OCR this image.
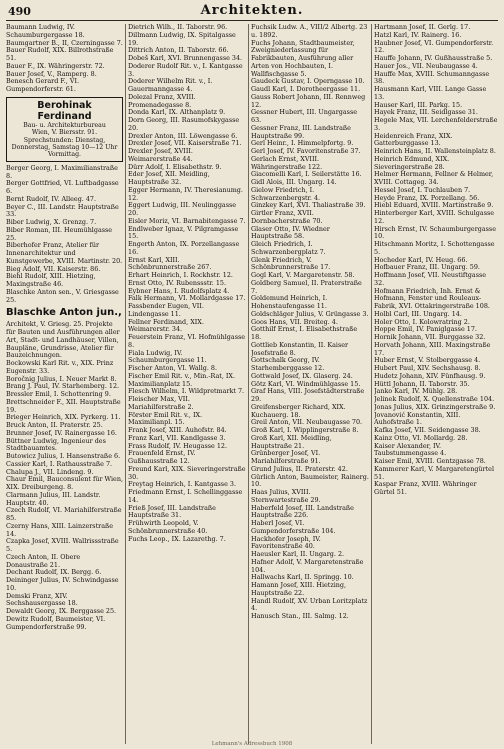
490	Architekten.

Baumann Ludwig, IV. Schaumburgergasse 18.

Baumgartner B., II, Czerningasse 7.

Bauer Rudolf, XIX. Billrothstraße 51.

Bauer F., IX. Währingerstr. 72.

Bauer Josef, V., Ramperg. 8.

Benesch Gerard F., VI. Gumpendorferstr. 61.

Berohinak Ferdinand
Bau- u. Architekturbureau
Wien, V. Biersstr. 91.
Sprechstunden: Dienstag, Donnerstag, Samstag 10—12 Uhr Vormittag.

Berger Georg, I. Maximilianstraße 8.

Berger Gottfried, VI. Luftbadgasse 6.

Bernt Rudolf, IV. Alleeg. 47.

Beyer C., III. Landstr. Hauptstraße 33.

Biber Ludwig, X. Grenzg. 7.

Biber Roman, III. Heumühlgasse 25.

Biberhofer Franz, Atelier für Innenarchitektur und Kunstgewerbe, XVIII. Martinstr. 20.

Bieg Adolf, VII. Kaiserstr. 86.

Biehl Rudolf, XIII. Hietzing, Maxingstraße 46.

Blaschke Anton sen., V. Griesgasse 25.

Blaschke Anton jun.,

Architekt, V. Griesg. 25. Projekte für Bauten und Ausführungen aller Art, Stadt- und Landhäuser, Villen, Baupläne, Grundrisse, Atelier für Bauzeichnungen.

Bockowski Karl Rit. v., XIX. Prinz Eugenstr. 33.

Boročnig Julius, I. Neuer Markt 8.

Brang J. Paul, IV. Starhemberg. 12.

Bressler Emil, I. Schottenring 9.

Brettschneider F., XII. Hauptstraße 19.

Brieger Heinrich, XIX. Pyrkerg. 11.

Bruck Anton, II. Praterstr. 25.

Brunner Josef, IV. Rainergasse 16.

Büttner Ludwig, Ingenieur des Stadtbauamtes.

Butowicz Julius, I. Hansenstraße 6.

Cassier Karl, I. Rathausstraße 7.

Chalupa J., VII. Lindeng. 9.

Chaur Emil, Bauconsulent für Wien, XIX. Dreiburgeng. 8.

Clarmann Julius, III. Landstr. Hauptstr. 40.

Czech Rudolf, VI. Mariahilferstraße 85.

Czerny Hans, XIII. Lainzerstraße 14.

Czapka Josef, XVIII. Wallrissstraße 5.

Czech Anton, II. Obere Donaustraße 21.

Dechant Rudolf, IX. Bergg. 6.

Deininger Julius, IV. Schwindgasse 10.

Demski Franz, XIV. Sechshausergasse 18.

Dewaldt Georg, IX. Berggasse 25.

Dewitz Rudolf, Baumeister, VI. Gumpendorferstraße 99.

Dietrich Wilh., II. Taborstr. 96.

Dillmann Ludwig, IX. Spitalgasse 19.

Dittrich Anton, II. Taborstr. 66.

Dobeš Karl, XVI. Brunnengasse 34.

Doderer Rudolf Rit. v., I. Kantgasse 3.

Doderer Wilhelm Rit. v., I. Gauermanngasse 4.

Dolezal Franz, XVIII. Promenadegasse 8.

Donda Karl, IX. Althanplatz 9.

Dorn Georg, III. Rasumofskygasse 20.

Drexler Anton, III. Löwengasse 6.

Drexler Josef, VII. Kaiserstraße 71.

Drexler Josef, XVIII. Weimarerstraße 44.

Dürr Adolf, I. Elisabethstr. 9.

Eder Josef, XII. Meidling, Hauptstraße 32.

Egger Hermann, IV. Theresianumg. 12.

Eggert Ludwig, III. Neulinggasse 20.

Eisler Moriz, VI. Barnabitengasse 7.

Endlweber Ignaz, V. Pilgramgasse 15.

Engerth Anton, IX. Porzellangasse 16.

Ernst Karl, XIII. Schönbrunnerstraße 267.

Erhart Heinrich, I. Rockhstr. 12.

Ernst Otto, IV. Rubenssstr. 15.

Eybner Hans, I. Rudolfsplatz 4.

Falk Hermann, VI. Mollardgasse 17.

Fassbender Eugen, VII. Lindengasse 11.

Fellner Ferdinand, XIX. Weimarerstr. 34.

Feuerstein Franz, VI. Hofmühlgasse 8.

Fiala Ludwig, IV. Schaumburgergasse 11.

Fischer Anton, VI. Wallg. 8.

Fischer Emil Rit. v., Min.-Rat, IX. Maximilianplatz 15.

Flesch Wilhelm, I. Wildpretmarkt 7.

Fleischer Max, VII. Mariahilferstraße 2.

Förster Emil Rit. v., IX. Maximilianpl. 15.

Frank Josef, XIII. Auhofstr. 84.

Franz Karl, VII. Kandlgasse 3.

Frass Rudolf, IV. Heugasse 12.

Frauenfeld Ernst, IV. Gußhausstraße 12.

Freund Karl, XIX. Sieveringerstraße 30.

Freytag Heinrich, I. Kantgasse 3.

Friedmann Ernst, I. Schellinggasse 14.

Frieß Josef, III. Landstraße Hauptstraße 31.

Frühwirth Leopold, V. Schönbrunnerstraße 40.

Fuchs Leop., IX. Lazarethg. 7.

Fuchsik Ludw. A., VIII/2 Albertg. 23 u. 1892.

Fuchs Johann, Stadtbaumeister, Zweigniederlassung für Fabrikbauten, Ausführung aller Arten von Hochbauten, I. Wallfischgasse 5.

Gaudeck Gustav, I. Operngasse 10.

Gaudl Karl, I. Dorotheergasse 11.

Gauss Robert Johann, III. Rennweg 12.

Gessner Hubert, III. Ungargasse 63.

Gessner Franz, III. Landstraße Hauptstraße 99.

Gerl Heinr., I. Himmelpfortg. 9.

Gerl Josef, IV. Favoritenstraße 37.

Gerlach Ernst, XVIII. Währingerstraße 122.

Giacomelli Karl, I. Seilerstätte 16.

Gidl Alois, III. Ungarg. 14.

Gielow Friedrich, I. Schwarzenbergstr. 4.

Ginzkey Karl, XVI. Thaliastraße 39.

Girtler Franz, XVII. Dornbacherstraße 70.

Glaser Otto, IV. Wiedner Hauptstraße 58.

Gleich Friedrich, I. Schwarzenbergplatz 7.

Glenk Friedrich, V. Schönbrunnerstraße 17.

Gogl Karl, V. Margaretenstr. 58.

Goldberg Samuel, II. Praterstraße 7.

Goldemund Heinrich, I. Hohenstaufengasse 11.

Goldschläger Julius, V. Grüngasse 3.

Goos Hans, VII. Breiteg. 4.

Gotthilf Ernst, I. Elisabethstraße 18.

Gottlieb Konstantin, II. Kaiser Josefstraße 8.

Gottschalk Georg, IV. Starhemberggasse 12.

Gottwald Josef, IX. Glaserg. 24.

Götz Karl, VI. Windmühlgasse 15.

Graf Hans, VIII. Josefstädterstraße 29.

Greifensberger Richard, XIX. Kuchauerg. 18.

Greil Anton, VII. Neubaugasse 70.

Groß Karl, I. Wipplingerstraße 8.

Groß Karl, XII. Meidling, Hauptstraße 21.

Grünberger Josef, VI. Mariahilferstraße 91.

Grund Julius, II. Praterstr. 42.

Gürlich Anton, Baumeister, Rainerg. 10.

Haas Julius, XVIII. Sternwartestraße 29.

Haberfeld Josef, III. Landstraße Hauptstraße 226.

Haberl Josef, VI. Gumpendorferstraße 104.

Hackhofer Joseph, IV. Favoritenstraße 40.

Haeusler Karl, II. Ungarg. 2.

Hafner Adolf, V. Margaretenstraße 104.

Hallwachs Karl, II. Springg. 10.

Hamann Josef, XIII. Hietzing, Hauptstraße 22.

Handl Rudolf, XV. Urban Loritzplatz 4.

Hanusch Stan., III. Salmg. 12.

Hartmann Josef, II. Gerlg. 17.

Hatzl Karl, IV. Rainerg. 16.

Haubner Josef, VI. Gumpendorferstr. 12.

Hauffe Johann, IV. Gußhausstraße 5.

Hauer Jos., VII. Neubaugasse 4.

Hauffe Max, XVIII. Schumanngasse 38.

Hausmann Karl, VIII. Lange Gasse 13.

Hauser Karl, III. Parkg. 15.

Hayek Franz, III. Seidlgasse 31.

Hegele Max, VII. Lerchenfelderstraße 3.

Heidenreich Franz, XIX. Gatterburggasse 13.

Heinrich Hans, II. Wallensteinplatz 8.

Heinrich Edmund, XIX. Sieveringerstraße 28.

Helmer Hermann, Fellner & Helmer, XVIII. Cottageg. 34.

Hessel Josef, I. Tuchlauben 7.

Heyde Franz, IX. Porzellang. 56.

Hiebl Eduard, XVIII. Martinstraße 9.

Hinterberger Karl, XVIII. Schulgasse 12.

Hirsch Ernst, IV. Schaumburgergasse 10.

Hitschmann Moritz, I. Schottengasse 5.

Hocheder Karl, IV. Heug. 66.

Hofbauer Franz, III. Ungarg. 59.

Hoffmann Josef, VII. Neustiftgasse 32.

Hofmann Friedrich, Inh. Ernst & Hofmann, Fenster und Rouleaux-Fabrik, XVI. Ottakringerstraße 108.

Holbl Carl, III. Ungarg. 14.

Holer Otto, I. Kolowratring 2.

Hoppe Emil, IV. Paniglgasse 17.

Hornik Johann, VII. Burggasse 32.

Horvath Johann, XIII. Maxingstraße 17.

Huber Ernst, V. Stolberggasse 4.

Hubert Paul, XIV. Sechshausg. 8.

Hudetz Johann, XIV. Fünfhausg. 9.

Hüttl Johann, II. Taborstr. 35.

Janko Karl, IV. Mühlg. 28.

Jelinek Rudolf, X. Quellenstraße 104.

Jonas Julius, XIX. Grinzingerstraße 9.

Jovanović Konstantin, XIII. Auhofstraße 1.

Kafka Josef, VII. Seidengasse 38.

Kainz Otto, VI. Mollardg. 28.

Kaiser Alexander, IV. Taubstummengasse 4.

Kaiser Emil, XVIII. Gentzgasse 78.

Kammerer Karl, V. Margaretengürtel 51.

Kaspar Franz, XVIII. Währinger Gürtel 51.

Lehmann's Adressbuch 1908
